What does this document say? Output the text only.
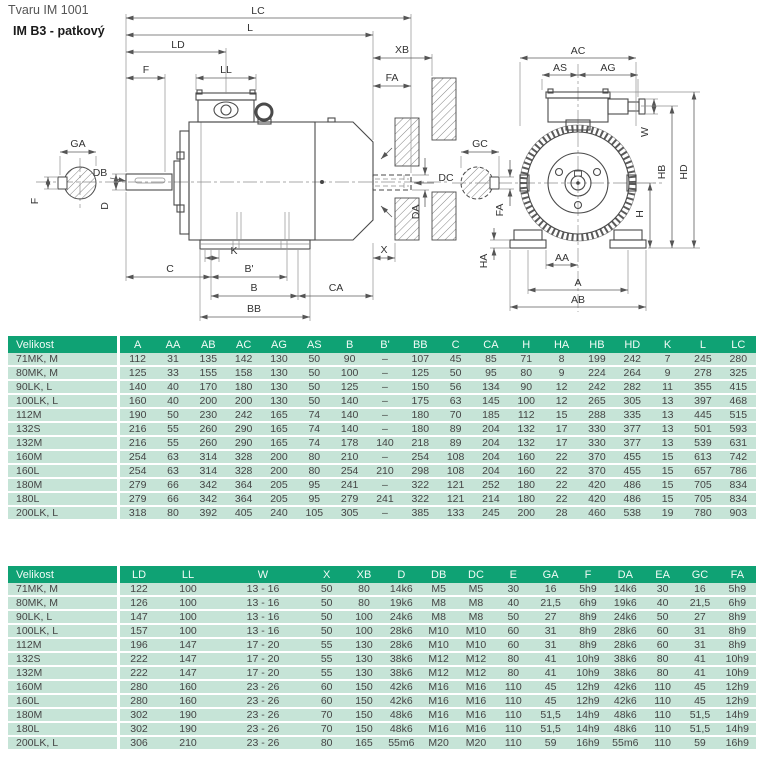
Tvaru IM 1001
IM B3 - patkový
GA
F
D
DB
LC
L
LD	XB
F	LL
FA
DA
DC
X
K
C	B'
B	CA
BB
GC
FA
AC
AS	AG
W
H
HB HD
HA	AA
A
AB
Velikost	A	AA	AB	AC	AG	AS	B	B'	BB	C	CA	H	HA	HB	HD	K	L	LC
71MK, M	112	31	135	142	130	50	90	–	107	45	85	71	8	199	242	7	245	280
80MK, M	125	33	155	158	130	50	100	–	125	50	95	80	9	224	264	9	278	325
90LK, L	140	40	170	180	130	50	125	–	150	56	134	90	12	242	282	11	355	415
100LK, L	160	40	200	200	130	50	140	–	175	63	145	100	12	265	305	13	397	468
112M	190	50	230	242	165	74	140	–	180	70	185	112	15	288	335	13	445	515
132S	216	55	260	290	165	74	140	–	180	89	204	132	17	330	377	13	501	593
132M	216	55	260	290	165	74	178	140	218	89	204	132	17	330	377	13	539	631
160M	254	63	314	328	200	80	210	–	254	108	204	160	22	370	455	15	613	742
160L	254	63	314	328	200	80	254	210	298	108	204	160	22	370	455	15	657	786
180M	279	66	342	364	205	95	241	–	322	121	252	180	22	420	486	15	705	834
180L	279	66	342	364	205	95	279	241	322	121	214	180	22	420	486	15	705	834
200LK, L	318	80	392	405	240	105	305	–	385	133	245	200	28	460	538	19	780	903
Velikost	LD	LL	W	X	XB	D	DB	DC	E	GA	F	DA	EA	GC	FA
71MK, M	122	100	13 - 16	50	80	14k6	M5	M5	30	16	5h9	14k6	30	16	5h9
80MK, M	126	100	13 - 16	50	80	19k6	M8	M8	40	21,5	6h9	19k6	40	21,5	6h9
90LK, L	147	100	13 - 16	50	100	24k6	M8	M8	50	27	8h9	24k6	50	27	8h9
100LK, L	157	100	13 - 16	50	100	28k6	M10	M10	60	31	8h9	28k6	60	31	8h9
112M	196	147	17 - 20	55	130	28k6	M10	M10	60	31	8h9	28k6	60	31	8h9
132S	222	147	17 - 20	55	130	38k6	M12	M12	80	41	10h9	38k6	80	41	10h9
132M	222	147	17 - 20	55	130	38k6	M12	M12	80	41	10h9	38k6	80	41	10h9
160M	280	160	23 - 26	60	150	42k6	M16	M16	110	45	12h9	42k6	110	45	12h9
160L	280	160	23 - 26	60	150	42k6	M16	M16	110	45	12h9	42k6	110	45	12h9
180M	302	190	23 - 26	70	150	48k6	M16	M16	110	51,5	14h9	48k6	110	51,5	14h9
180L	302	190	23 - 26	70	150	48k6	M16	M16	110	51,5	14h9	48k6	110	51,5	14h9
200LK, L	306	210	23 - 26	80	165	55m6	M20	M20	110	59	16h9	55m6	110	59	16h9
